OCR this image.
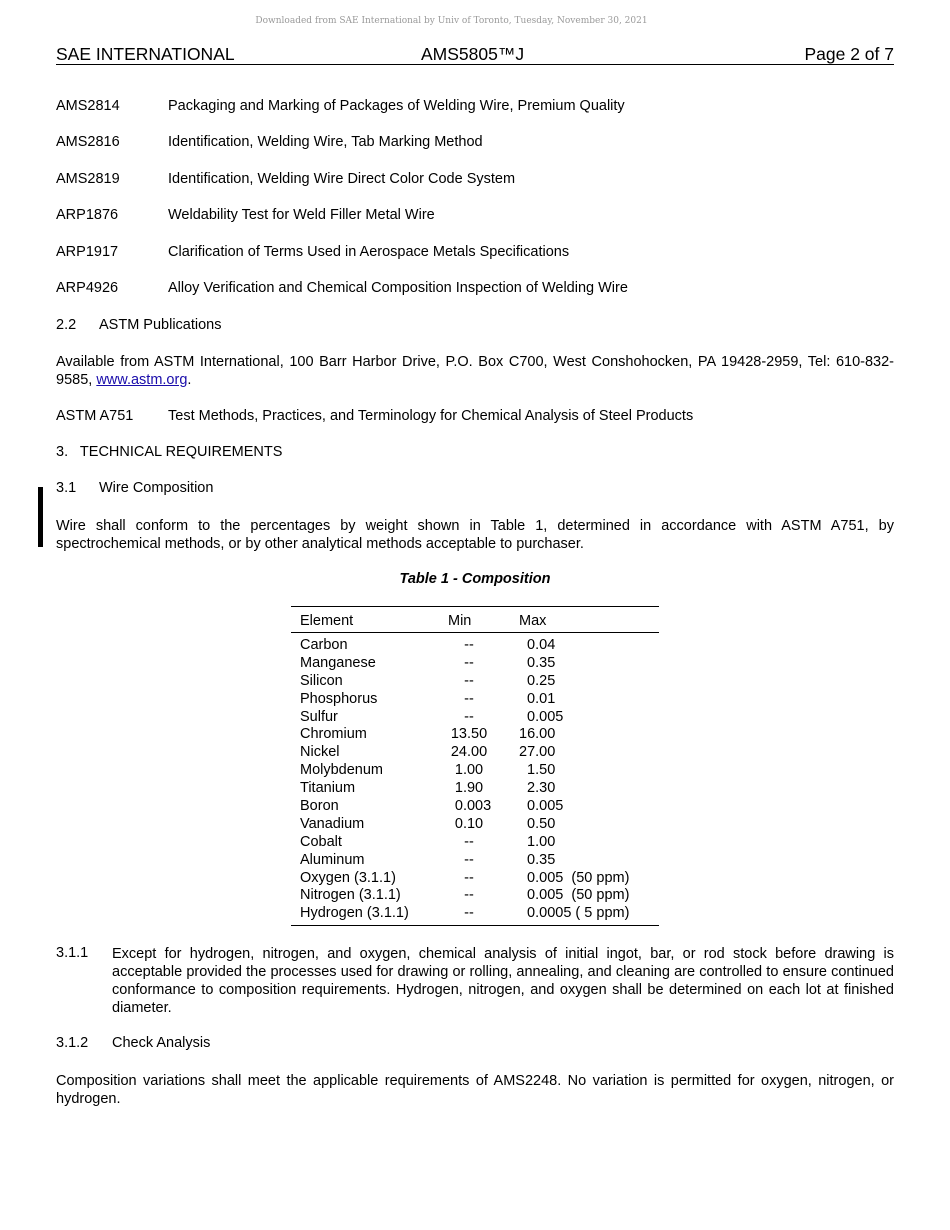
Downloaded from SAE International by Univ of Toronto, Tuesday, November 30, 2021
SAE INTERNATIONAL	AMS5805™J	Page 2 of 7
AMS2814	Packaging and Marking of Packages of Welding Wire, Premium Quality
AMS2816	Identification, Welding Wire, Tab Marking Method
AMS2819	Identification, Welding Wire Direct Color Code System
ARP1876	Weldability Test for Weld Filler Metal Wire
ARP1917	Clarification of Terms Used in Aerospace Metals Specifications
ARP4926	Alloy Verification and Chemical Composition Inspection of Welding Wire
2.2 ASTM Publications
Available from ASTM International, 100 Barr Harbor Drive, P.O. Box C700, West Conshohocken, PA 19428-2959, Tel: 610-832-9585, www.astm.org.
ASTM A751 Test Methods, Practices, and Terminology for Chemical Analysis of Steel Products
3.   TECHNICAL REQUIREMENTS
3.1 Wire Composition
Wire shall conform to the percentages by weight shown in Table 1, determined in accordance with ASTM A751, by spectrochemical methods, or by other analytical methods acceptable to purchaser.
Table 1 - Composition
Element	Min	Max
Carbon	--	0.04
Manganese	--	0.35
Silicon	--	0.25
Phosphorus	--	0.01
Sulfur	--	0.005
Chromium	13.50	16.00
Nickel	24.00	27.00
Molybdenum	1.00	1.50
Titanium	1.90	2.30
Boron	0.003	0.005
Vanadium	0.10	0.50
Cobalt	--	1.00
Aluminum	--	0.35
Oxygen (3.1.1)	--	0.005  (50 ppm)
Nitrogen (3.1.1)	--	0.005  (50 ppm)
Hydrogen (3.1.1)	--	0.0005 ( 5 ppm)
3.1.1 Except for hydrogen, nitrogen, and oxygen, chemical analysis of initial ingot, bar, or rod stock before drawing is acceptable provided the processes used for drawing or rolling, annealing, and cleaning are controlled to ensure continued conformance to composition requirements. Hydrogen, nitrogen, and oxygen shall be determined on each lot at finished diameter.
3.1.2 Check Analysis
Composition variations shall meet the applicable requirements of AMS2248. No variation is permitted for oxygen, nitrogen, or hydrogen.
